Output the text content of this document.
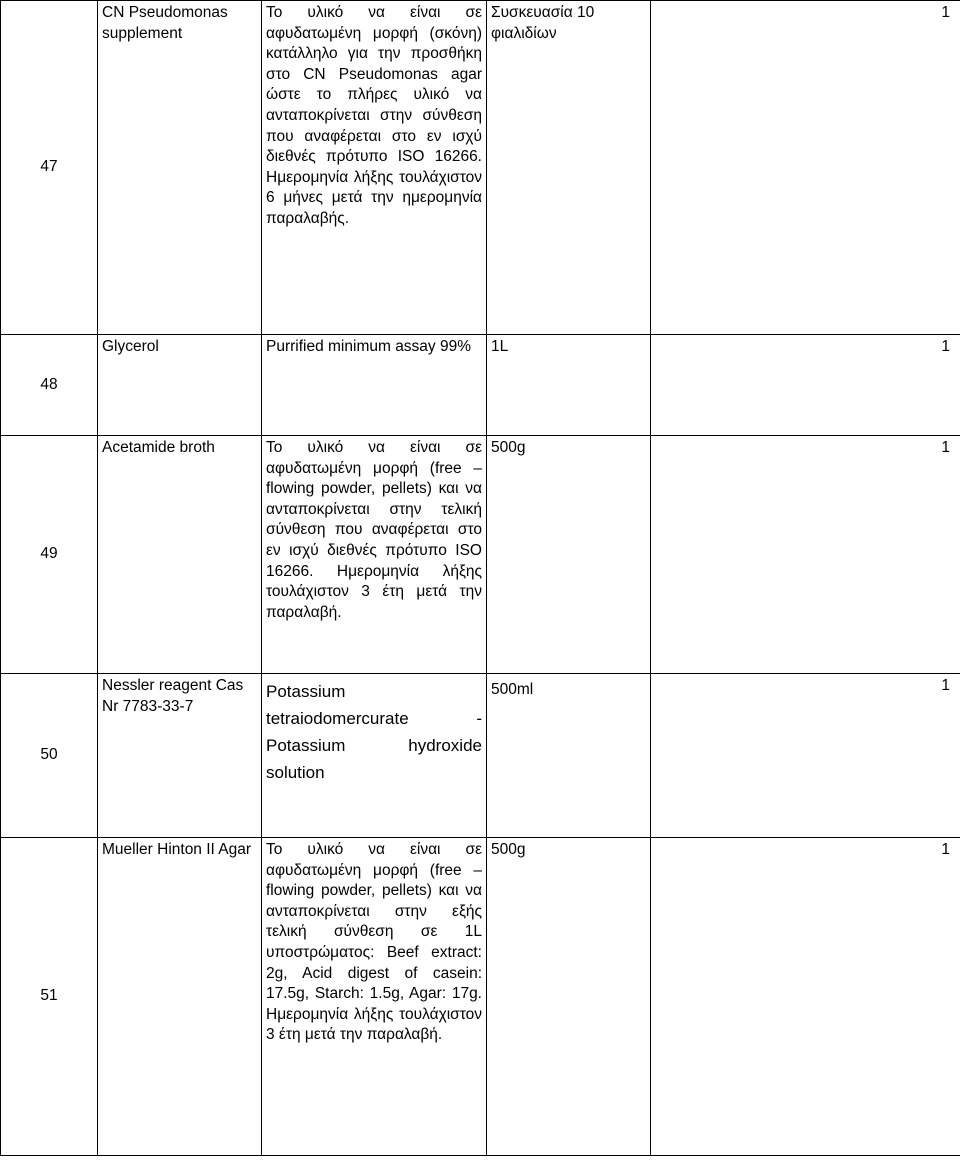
47	CN Pseudomonas supplement	Το υλικό να είναι σε αφυδατωμένη μορφή (σκόνη) κατάλληλο για την προσθήκη στο CN Pseudomonas agar ώστε το πλήρες υλικό να ανταποκρίνεται στην σύνθεση που αναφέρεται στο εν ισχύ διεθνές πρότυπο ISO 16266. Ημερομηνία λήξης τουλάχιστον 6 μήνες μετά την ημερομηνία παραλαβής.	Συσκευασία 10 φιαλιδίων	1
48	Glycerol	Purrified minimum assay 99%	1L	1
49	Acetamide broth	Το υλικό να είναι σε αφυδατωμένη μορφή (free – flowing powder, pellets) και να ανταποκρίνεται στην τελική σύνθεση που αναφέρεται στο εν ισχύ διεθνές πρότυπο ISO 16266. Ημερομηνία λήξης τουλάχιστον 3 έτη μετά την παραλαβή.	500g	1
50	Nessler reagent Cas Nr 7783-33-7	Potassium tetraiodomercurate - Potassium hydroxide solution	500ml	1
51	Mueller Hinton II Agar	Το υλικό να είναι σε αφυδατωμένη μορφή (free – flowing powder, pellets) και να ανταποκρίνεται στην εξής τελική σύνθεση σε 1L υποστρώματος: Beef extract: 2g, Acid digest of casein: 17.5g, Starch: 1.5g, Agar: 17g. Ημερομηνία λήξης τουλάχιστον 3 έτη μετά την παραλαβή.	500g	1
